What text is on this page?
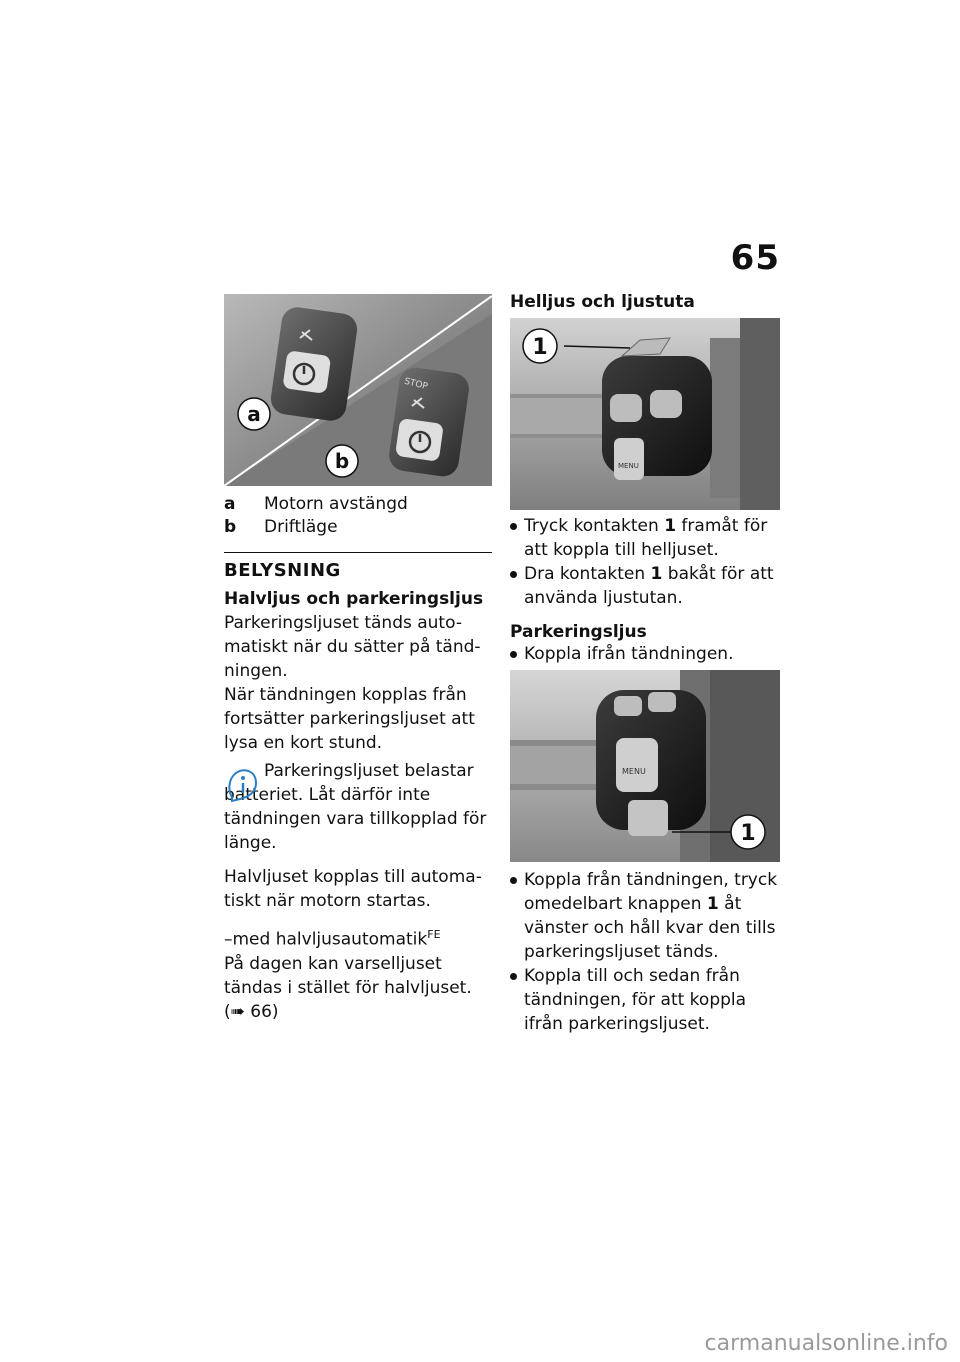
65
STOP
a
b
a Motorn avstängd
b Driftläge
BELYSNING
Halvljus och parkeringsljus
Parkeringsljuset tänds auto-matiskt när du sätter på tänd-ningen.
När tändningen kopplas från fortsätter parkeringsljuset att lysa en kort stund.
Parkeringsljuset belastar batteriet. Låt därför inte tändningen vara tillkopplad för länge.
Halvljuset kopplas till automa-tiskt när motorn startas.
–med halvljusautomatik$^{FE}$
På dagen kan varselljuset tändas i stället för halvljuset.
(➠ 66)
Helljus och ljustuta
MENU
1
Tryck kontakten 1 framåt för att koppla till helljuset.
Dra kontakten 1 bakåt för att använda ljustutan.
Parkeringsljus
Koppla ifrån tändningen.
MENU
1
Koppla från tändningen, tryck omedelbart knappen 1 åt vänster och håll kvar den tills parkeringsljuset tänds.
Koppla till och sedan från tändningen, för att koppla ifrån parkeringsljuset.
carmanualsonline.info
